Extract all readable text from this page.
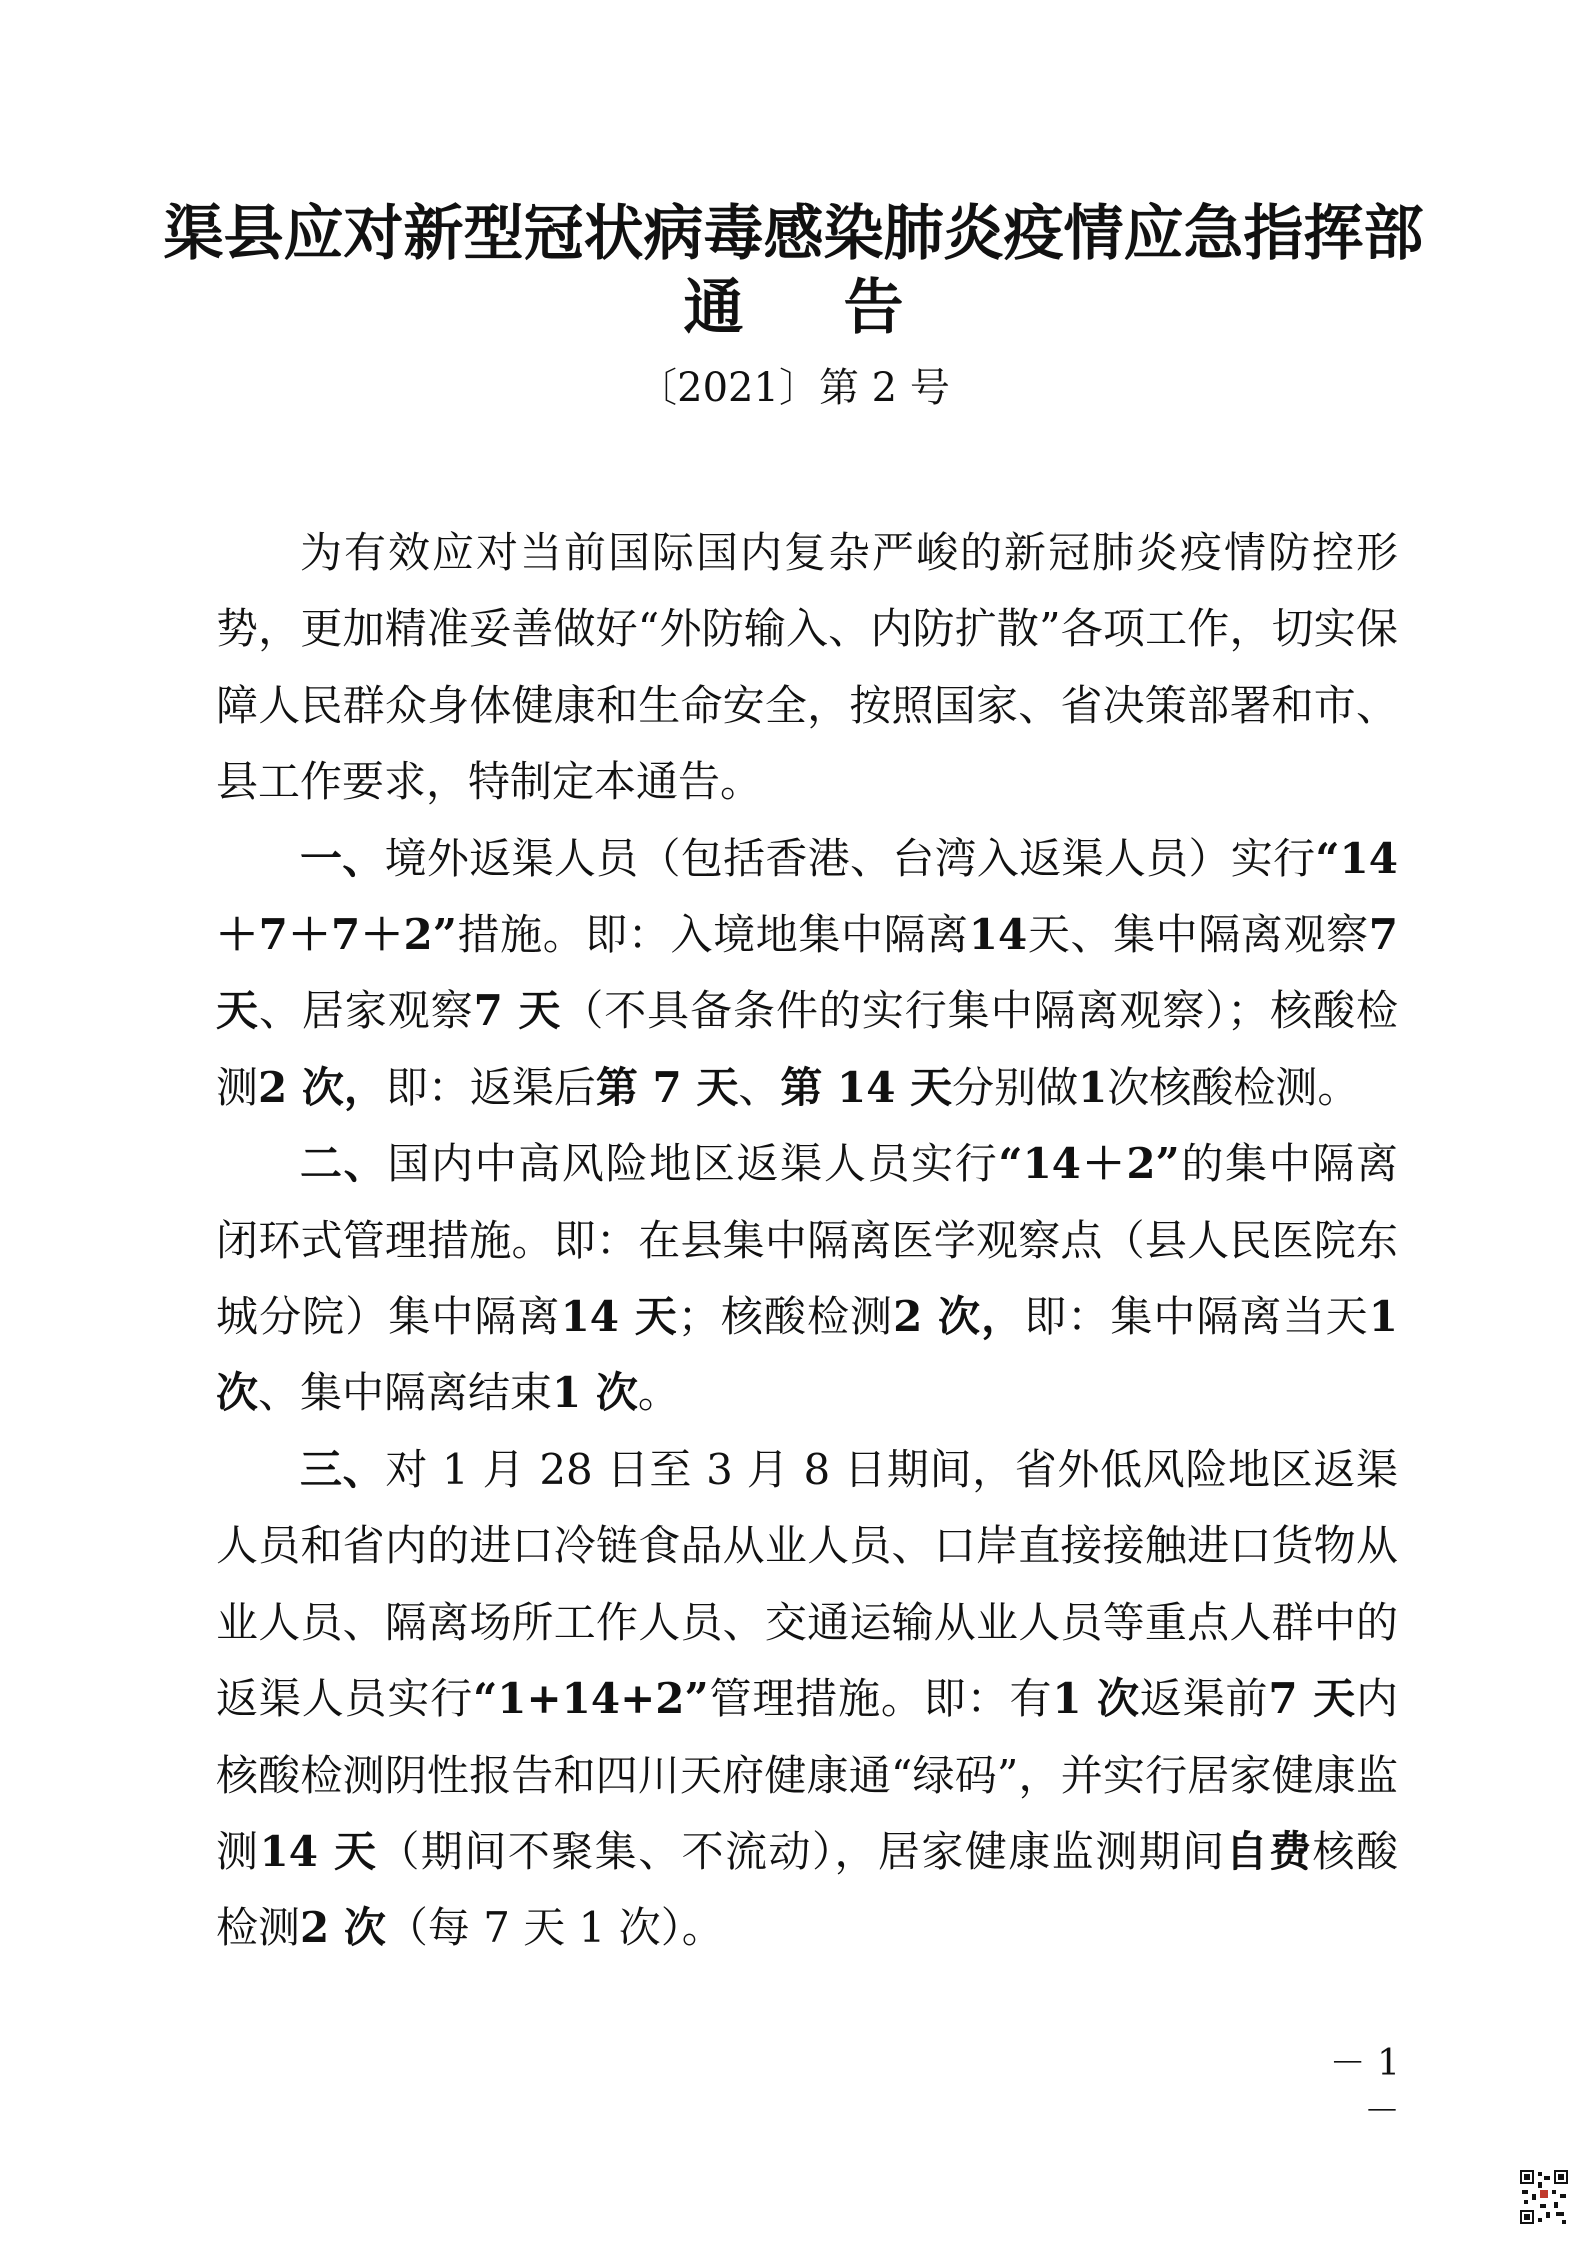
渠县应对新型冠状病毒感染肺炎疫情应急指挥部
通告
〔2021〕第 2 号

为有效应对当前国际国内复杂严峻的新冠肺炎疫情防控形势，更加精准妥善做好“外防输入、内防扩散”各项工作，切实保障人民群众身体健康和生命安全，按照国家、省决策部署和市、县工作要求，特制定本通告。

一、境外返渠人员（包括香港、台湾入返渠人员）实行“14＋7＋7＋2”措施。即：入境地集中隔离14天、集中隔离观察7 天、居家观察7 天（不具备条件的实行集中隔离观察）；核酸检测2 次，即：返渠后第 7 天、第 14 天分别做1次核酸检测。

二、国内中高风险地区返渠人员实行“14＋2”的集中隔离闭环式管理措施。即：在县集中隔离医学观察点（县人民医院东城分院）集中隔离14 天；核酸检测2 次，即：集中隔离当天1 次、集中隔离结束1 次。

三、对 1 月 28 日至 3 月 8 日期间，省外低风险地区返渠人员和省内的进口冷链食品从业人员、口岸直接接触进口货物从业人员、隔离场所工作人员、交通运输从业人员等重点人群中的返渠人员实行“1+14+2”管理措施。即：有1 次返渠前7 天内核酸检测阴性报告和四川天府健康通“绿码”，并实行居家健康监测14 天（期间不聚集、不流动），居家健康监测期间自费核酸检测2 次（每 7 天 1 次）。

－ 1 －
